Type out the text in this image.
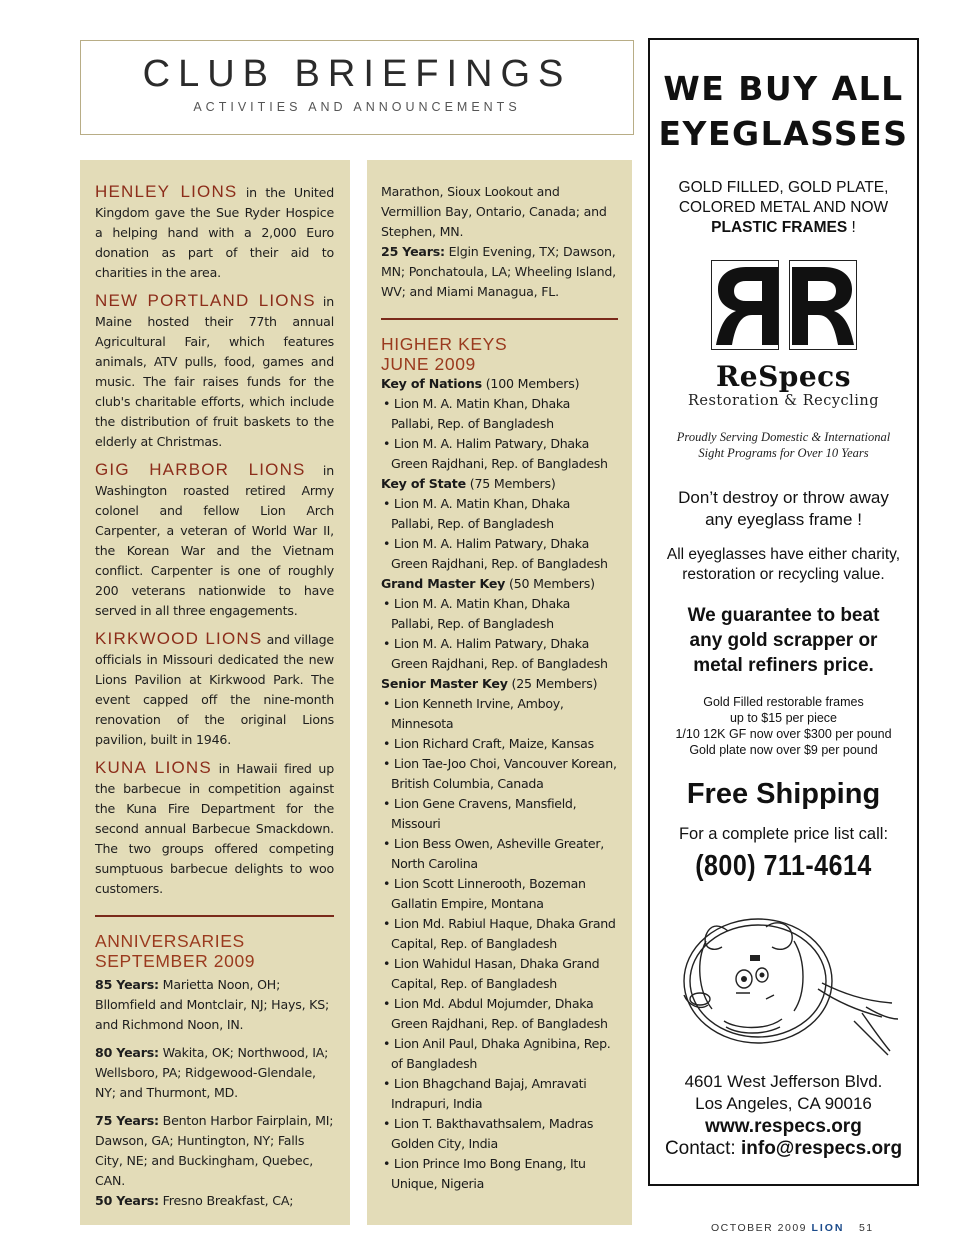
CLUB BRIEFINGS
ACTIVITIES AND ANNOUNCEMENTS
HENLEY LIONS in the United Kingdom gave the Sue Ryder Hospice a helping hand with a 2,000 Euro donation as part of their aid to charities in the area.
NEW PORTLAND LIONS in Maine hosted their 77th annual Agricultural Fair, which features animals, ATV pulls, food, games and music. The fair raises funds for the club's charitable efforts, which include the distribution of fruit baskets to the elderly at Christmas.
GIG HARBOR LIONS in Washington roasted retired Army colonel and fellow Lion Arch Carpenter, a veteran of World War II, the Korean War and the Vietnam conflict. Carpenter is one of roughly 200 veterans nationwide to have served in all three engagements.
KIRKWOOD LIONS and village officials in Missouri dedicated the new Lions Pavilion at Kirkwood Park. The event capped off the nine-month renovation of the original Lions pavilion, built in 1946.
KUNA LIONS in Hawaii fired up the barbecue in competition against the Kuna Fire Department for the second annual Barbecue Smackdown. The two groups offered competing sumptuous barbecue delights to woo customers.
ANNIVERSARIES
SEPTEMBER 2009
85 Years: Marietta Noon, OH; Bllomfield and Montclair, NJ; Hays, KS; and Richmond Noon, IN.
80 Years: Wakita, OK; Northwood, IA; Wellsboro, PA; Ridgewood-Glendale, NY; and Thurmont, MD.
75 Years: Benton Harbor Fairplain, MI; Dawson, GA; Huntington, NY; Falls City, NE; and Buckingham, Quebec, CAN.
50 Years: Fresno Breakfast, CA;
Marathon, Sioux Lookout and Vermillion Bay, Ontario, Canada; and Stephen, MN.
25 Years: Elgin Evening, TX; Dawson, MN; Ponchatoula, LA; Wheeling Island, WV; and Miami Managua, FL.
HIGHER KEYS
JUNE 2009
Key of Nations (100 Members)
• Lion M. A. Matin Khan, Dhaka
Pallabi, Rep. of Bangladesh
• Lion M. A. Halim Patwary, Dhaka
Green Rajdhani, Rep. of Bangladesh
Key of State (75 Members)
• Lion M. A. Matin Khan, Dhaka
Pallabi, Rep. of Bangladesh
• Lion M. A. Halim Patwary, Dhaka
Green Rajdhani, Rep. of Bangladesh
Grand Master Key (50 Members)
• Lion M. A. Matin Khan, Dhaka
Pallabi, Rep. of Bangladesh
• Lion M. A. Halim Patwary, Dhaka
Green Rajdhani, Rep. of Bangladesh
Senior Master Key (25 Members)
• Lion Kenneth Irvine, Amboy,
Minnesota
• Lion Richard Craft, Maize, Kansas
• Lion Tae-Joo Choi, Vancouver Korean,
British Columbia, Canada
• Lion Gene Cravens, Mansfield,
Missouri
• Lion Bess Owen, Asheville Greater,
North Carolina
• Lion Scott Linnerooth, Bozeman
Gallatin Empire, Montana
• Lion Md. Rabiul Haque, Dhaka Grand
Capital, Rep. of Bangladesh
• Lion Wahidul Hasan, Dhaka Grand
Capital, Rep. of Bangladesh
• Lion Md. Abdul Mojumder, Dhaka
Green Rajdhani, Rep. of Bangladesh
• Lion Anil Paul, Dhaka Agnibina, Rep.
of Bangladesh
• Lion Bhagchand Bajaj, Amravati
Indrapuri, India
• Lion T. Bakthavathsalem, Madras
Golden City, India
• Lion Prince Imo Bong Enang, Itu
Unique, Nigeria
WE BUY ALL
EYEGLASSES
GOLD FILLED, GOLD PLATE,
COLORED METAL AND NOW
PLASTIC FRAMES !
ReSpecs
Restoration & Recycling
Proudly Serving Domestic & International
Sight Programs for Over 10 Years
Don’t destroy or throw away
any eyeglass frame !
All eyeglasses have either charity,
restoration or recycling value.
We guarantee to beat
any gold scrapper or
metal refiners price.
Gold Filled restorable frames
up to $15 per piece
1/10 12K GF now over $300 per pound
Gold plate now over $9 per pound
Free Shipping
For a complete price list call:
(800) 711-4614
4601 West Jefferson Blvd.
Los Angeles, CA 90016
www.respecs.org
Contact: info@respecs.org
OCTOBER 2009 LION 51
